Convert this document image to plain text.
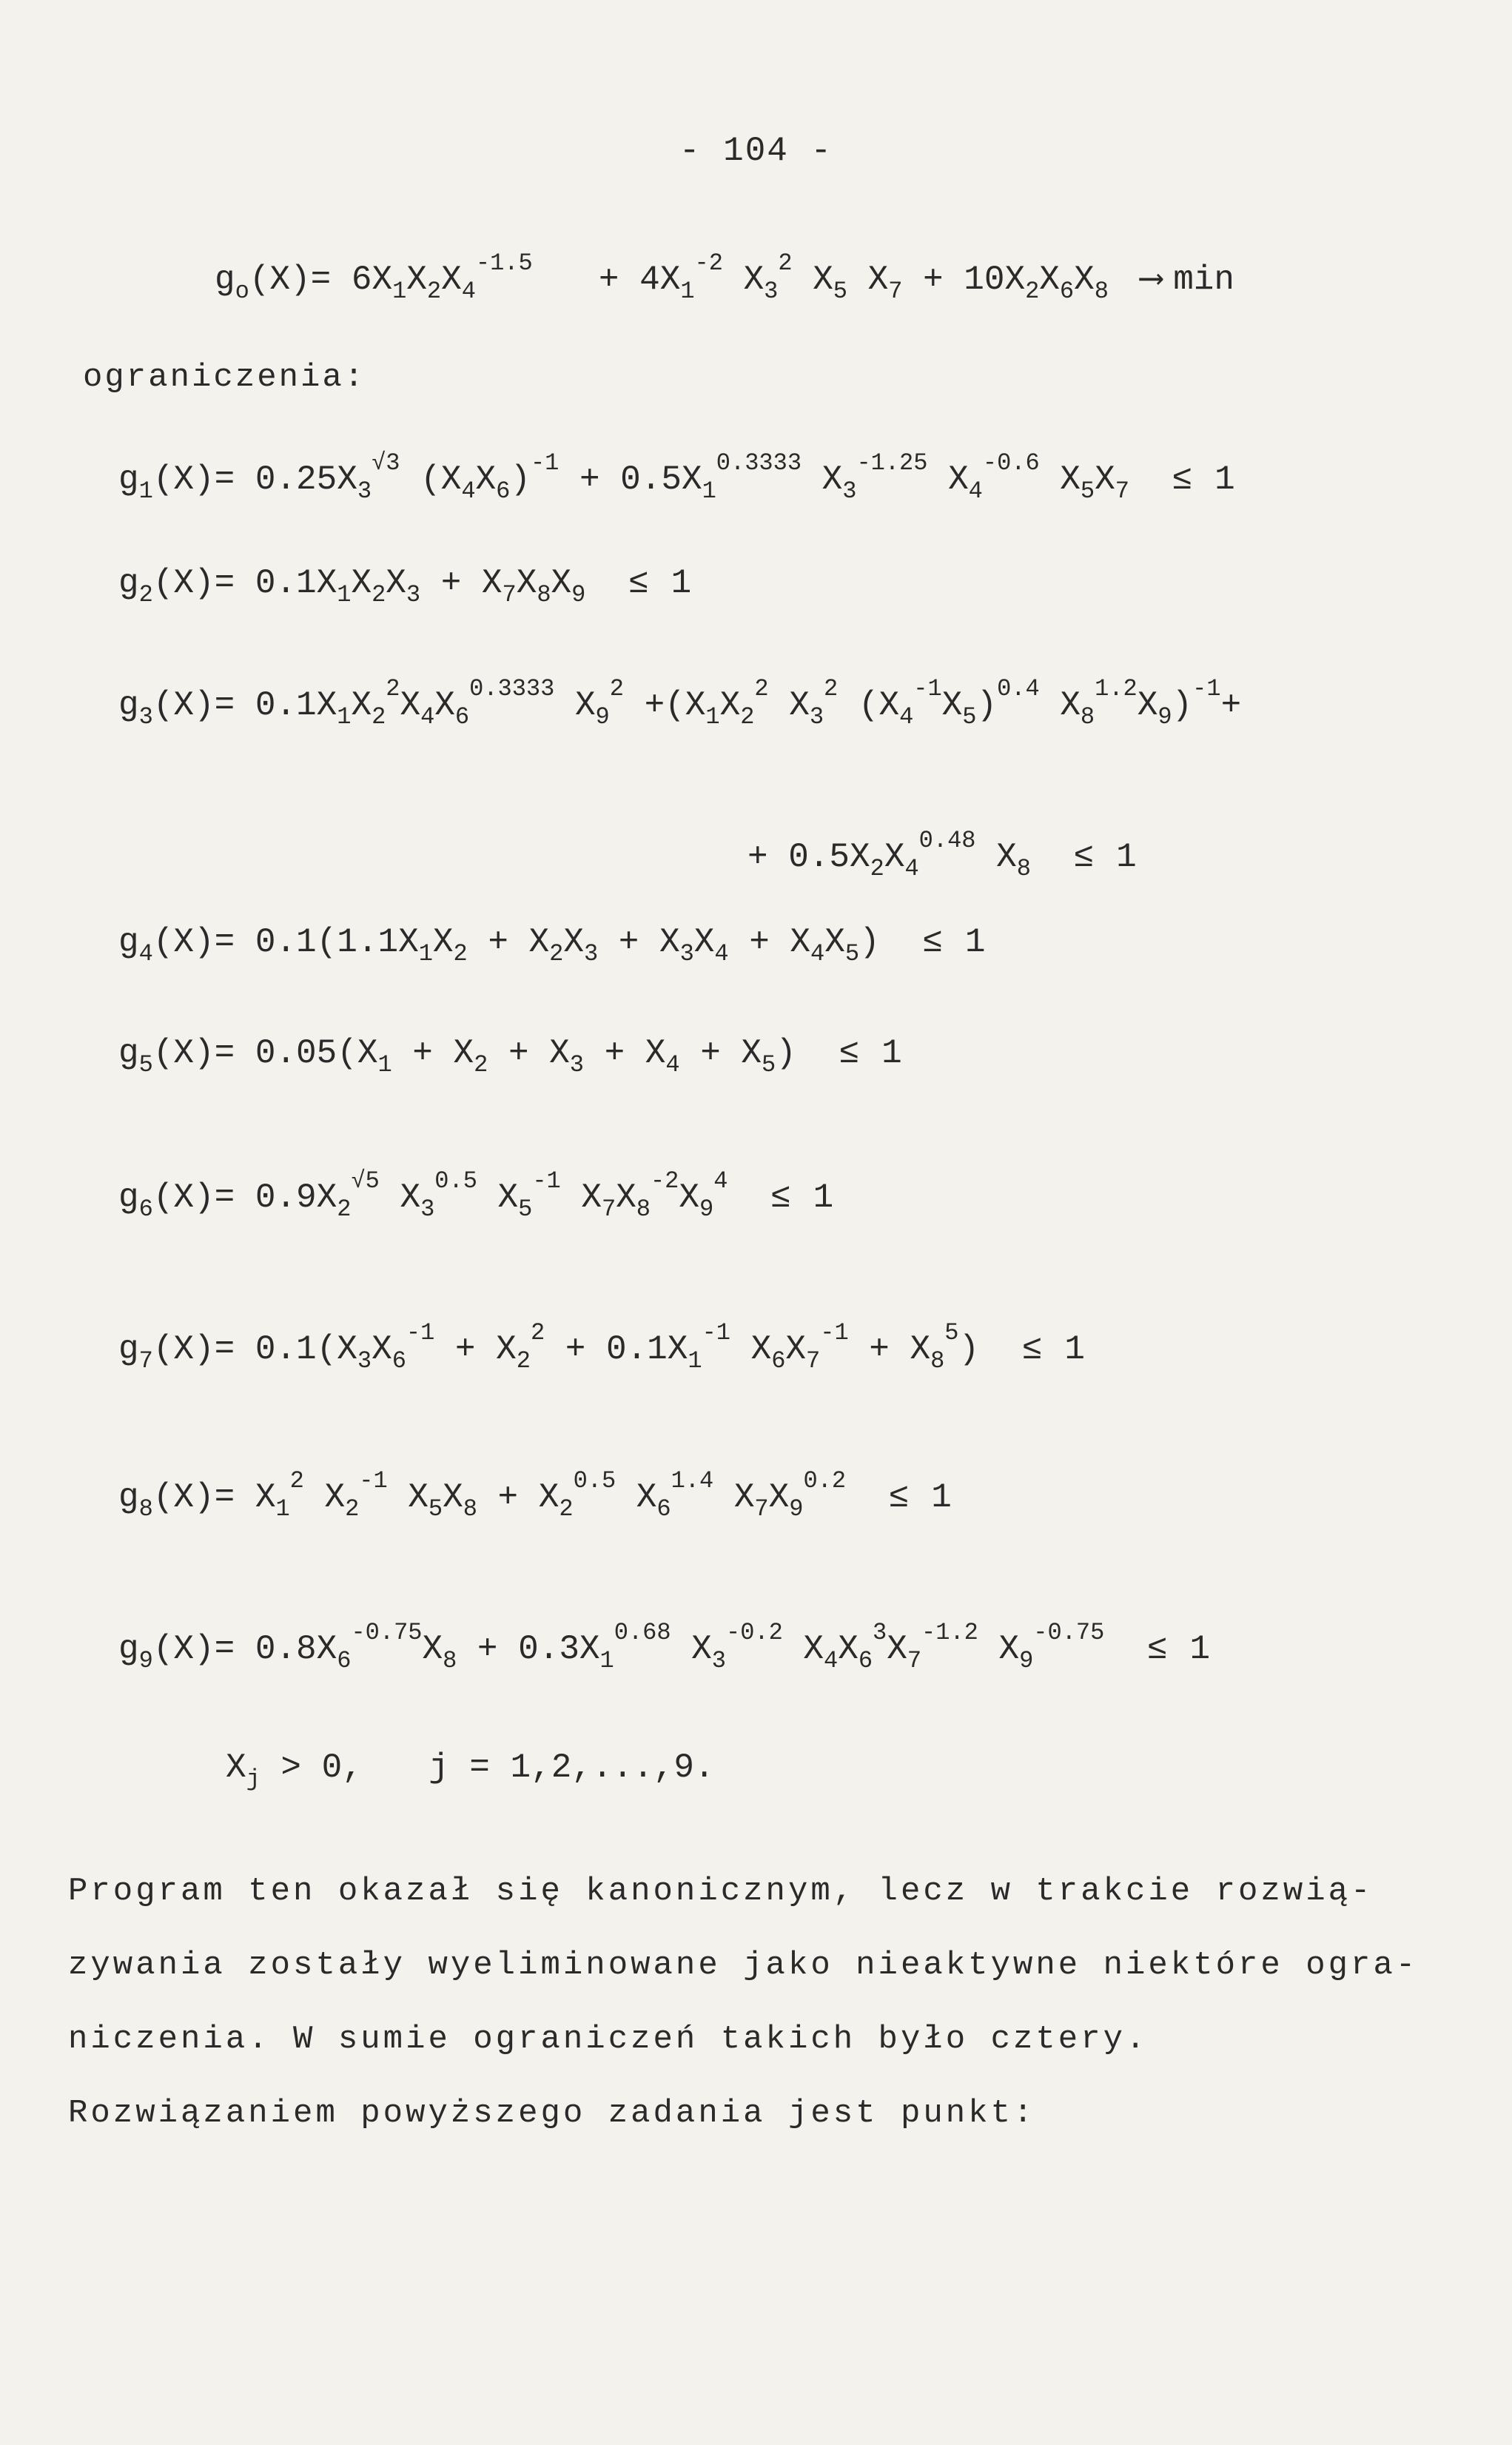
- 104 -
$g_o(X)= 6X_1X_2X_4^{-1.5} + 4X_1^{-2}$ $X_3^2$ $X_5$ $X_7 + 10X_2X_6X_8$ ⟶ min
ograniczenia:
$g_1(X)= 0.25X_3^{√3}$ $(X_4X_6)^{-1} + 0.5X_1^{0.3333}$ $X_3^{-1.25}$ $X_4^{-0.6}$ $X_5X_7 \le 1$
$g_2(X)= 0.1X_1X_2X_3 + X_7X_8X_9 \le 1$
$g_3(X)= 0.1X_1X_2^2X_4X_6^{0.3333}$ $X_9^2 +(X_1X_2^2$ $X_3^2$ $(X_4^{-1}X_5)^{0.4}$ $X_8^{1.2}X_9)^{-1}+$
+ $0.5X_2X_4^{0.48}$ $X_8 \le 1$
$g_4(X)= 0.1(1.1X_1X_2 + X_2X_3 + X_3X_4 + X_4X_5) \le 1$
$g_5(X)= 0.05(X_1 + X_2 + X_3 + X_4 + X_5) \le 1$
$g_6(X)= 0.9X_2^{√5}$ $X_3^{0.5}$ $X_5^{-1}$ $X_7X_8^{-2}X_9^4 \le 1$
$g_7(X)= 0.1(X_3X_6^{-1} + X_2^2 + 0.1X_1^{-1}$ $X_6X_7^{-1} + X_8^5) \le 1$
$g_8(X)= X_1^2$ $X_2^{-1}$ $X_5X_8 + X_2^{0.5}$ $X_6^{1.4}$ $X_7X_9^{0.2} \le 1$
$g_9(X)= 0.8X_6^{-0.75}X_8 + 0.3X_1^{0.68}$ $X_3^{-0.2}$ $X_4X_6^3X_7^{-1.2}$ $X_9^{-0.75} \le 1$
$X_j > 0$, j = 1,2,...,9.

Program ten okazał się kanonicznym, lecz w trakcie rozwią-

zywania zostały wyeliminowane jako nieaktywne niektóre ogra-

niczenia. W sumie ograniczeń takich było cztery.

Rozwiązaniem powyższego zadania jest punkt:
